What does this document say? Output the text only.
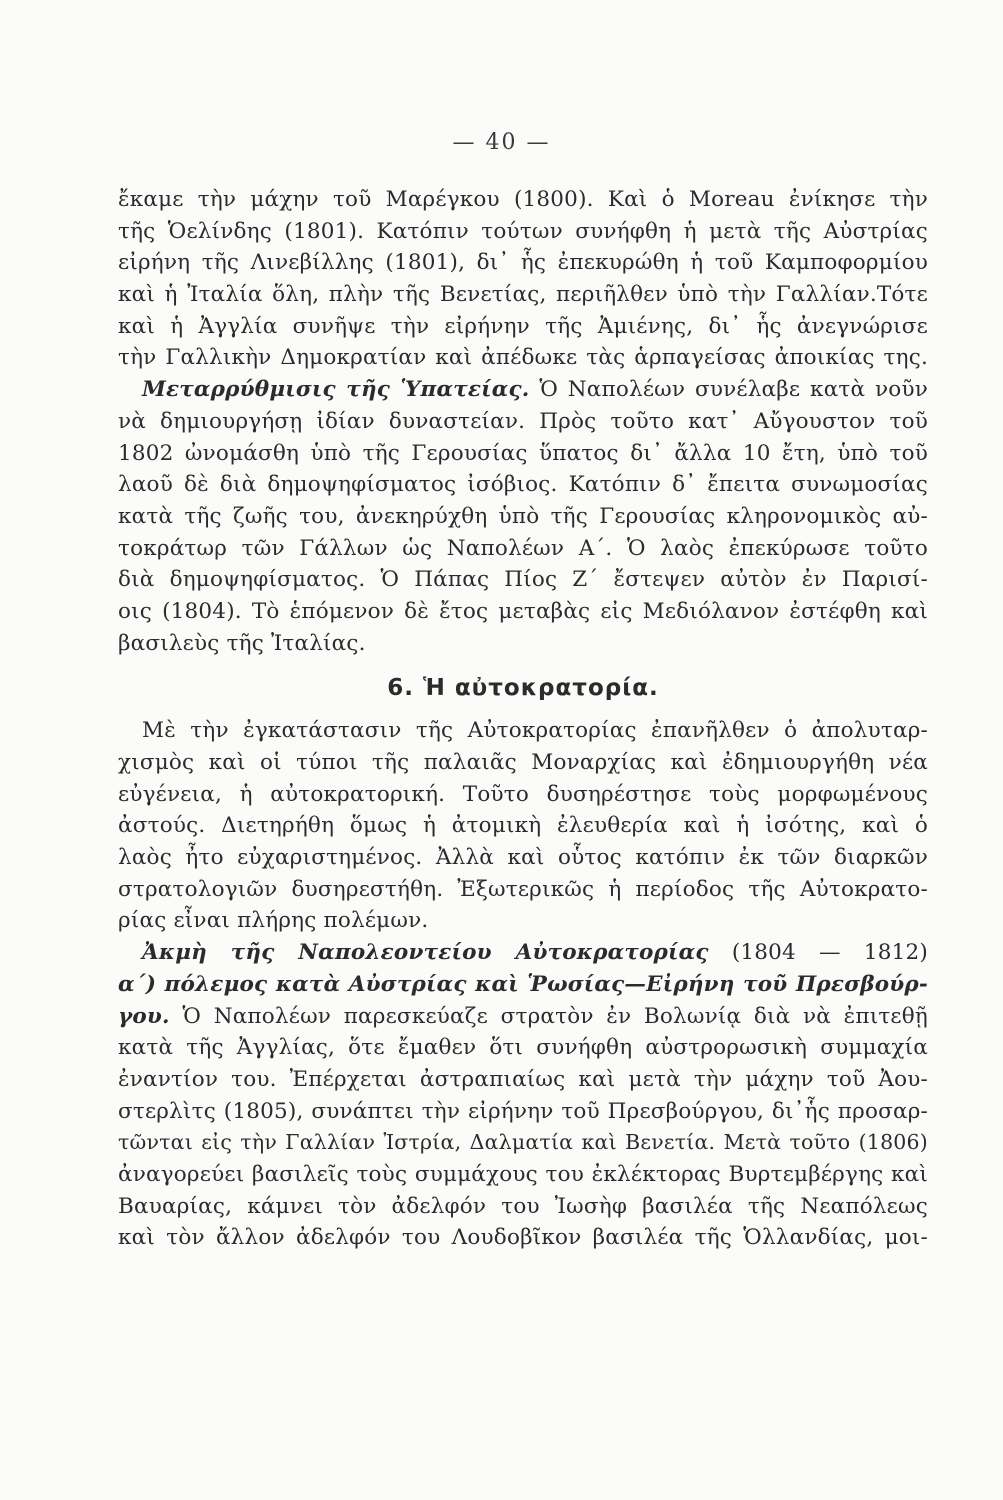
— 40 —
ἔκαμε τὴν μάχην τοῦ Μαρέγκου (1800). Καὶ ὁ Moreau ἐνίκησε τὴν
τῆς Ὁελίνδης (1801). Κατόπιν τούτων συνήφθη ἡ μετὰ τῆς Αὐστρίας
εἰρήνη τῆς Λινεβίλλης (1801), δι᾽ ἧς ἐπεκυρώθη ἡ τοῦ Καμποφορμίου
καὶ ἡ Ἰταλία ὅλη, πλὴν τῆς Βενετίας, περιῆλθεν ὑπὸ τὴν Γαλλίαν.Τότε
καὶ ἡ Ἀγγλία συνῆψε τὴν εἰρήνην τῆς Ἀμιένης, δι᾽ ἧς ἀνεγνώρισε
τὴν Γαλλικὴν Δημοκρατίαν καὶ ἀπέδωκε τὰς ἁρπαγείσας ἀποικίας της.
Μεταρρύθμισις τῆς Ὑπατείας. Ὁ Ναπολέων συνέλαβε κατὰ νοῦν
νὰ δημιουργήσῃ ἰδίαν δυναστείαν. Πρὸς τοῦτο κατ᾽ Αὔγουστον τοῦ
1802 ὠνομάσθη ὑπὸ τῆς Γερουσίας ὕπατος δι᾽ ἄλλα 10 ἔτη, ὑπὸ τοῦ
λαοῦ δὲ διὰ δημοψηφίσματος ἰσόβιος. Κατόπιν δ᾽ ἔπειτα συνωμοσίας
κατὰ τῆς ζωῆς του, ἀνεκηρύχθη ὑπὸ τῆς Γερουσίας κληρονομικὸς αὐ-
τοκράτωρ τῶν Γάλλων ὡς Ναπολέων Α΄. Ὁ λαὸς ἐπεκύρωσε τοῦτο
διὰ δημοψηφίσματος. Ὁ Πάπας Πίος Ζ΄ ἔστεψεν αὐτὸν ἐν Παρισί-
οις (1804). Τὸ ἑπόμενον δὲ ἔτος μεταβὰς εἰς Μεδιόλανον ἐστέφθη καὶ
βασιλεὺς τῆς Ἰταλίας.
6. Ἡ αὐτοκρατορία.
Μὲ τὴν ἐγκατάστασιν τῆς Αὐτοκρατορίας ἐπανῆλθεν ὁ ἀπολυταρ-
χισμὸς καὶ οἱ τύποι τῆς παλαιᾶς Μοναρχίας καὶ ἐδημιουργήθη νέα
εὐγένεια, ἡ αὐτοκρατορική. Τοῦτο δυσηρέστησε τοὺς μορφωμένους
ἀστούς. Διετηρήθη ὅμως ἡ ἀτομικὴ ἐλευθερία καὶ ἡ ἰσότης, καὶ ὁ
λαὸς ἦτο εὐχαριστημένος. Ἀλλὰ καὶ οὗτος κατόπιν ἐκ τῶν διαρκῶν
στρατολογιῶν δυσηρεστήθη. Ἐξωτερικῶς ἡ περίοδος τῆς Αὐτοκρατο-
ρίας εἶναι πλήρης πολέμων.
Ἀκμὴ τῆς Ναπολεοντείου Αὐτοκρατορίας (1804 — 1812)
α΄) πόλεμος κατὰ Αὐστρίας καὶ Ῥωσίας—Εἰρήνη τοῦ Πρεσβούρ-
γου. Ὁ Ναπολέων παρεσκεύαζε στρατὸν ἐν Βολωνίᾳ διὰ νὰ ἐπιτεθῇ
κατὰ τῆς Ἀγγλίας, ὅτε ἔμαθεν ὅτι συνήφθη αὐστρορωσικὴ συμμαχία
ἐναντίον του. Ἐπέρχεται ἀστραπιαίως καὶ μετὰ τὴν μάχην τοῦ Ἀου-
στερλὶτς (1805), συνάπτει τὴν εἰρήνην τοῦ Πρεσβούργου, δι᾽ἧς προσαρ-
τῶνται εἰς τὴν Γαλλίαν Ἰστρία, Δαλματία καὶ Βενετία. Μετὰ τοῦτο (1806)
ἀναγορεύει βασιλεῖς τοὺς συμμάχους του ἐκλέκτορας Βυρτεμβέργης καὶ
Βαυαρίας, κάμνει τὸν ἀδελφόν του Ἰωσὴφ βασιλέα τῆς Νεαπόλεως
καὶ τὸν ἄλλον ἀδελφόν του Λουδοβῖκον βασιλέα τῆς Ὁλλανδίας, μοι-
